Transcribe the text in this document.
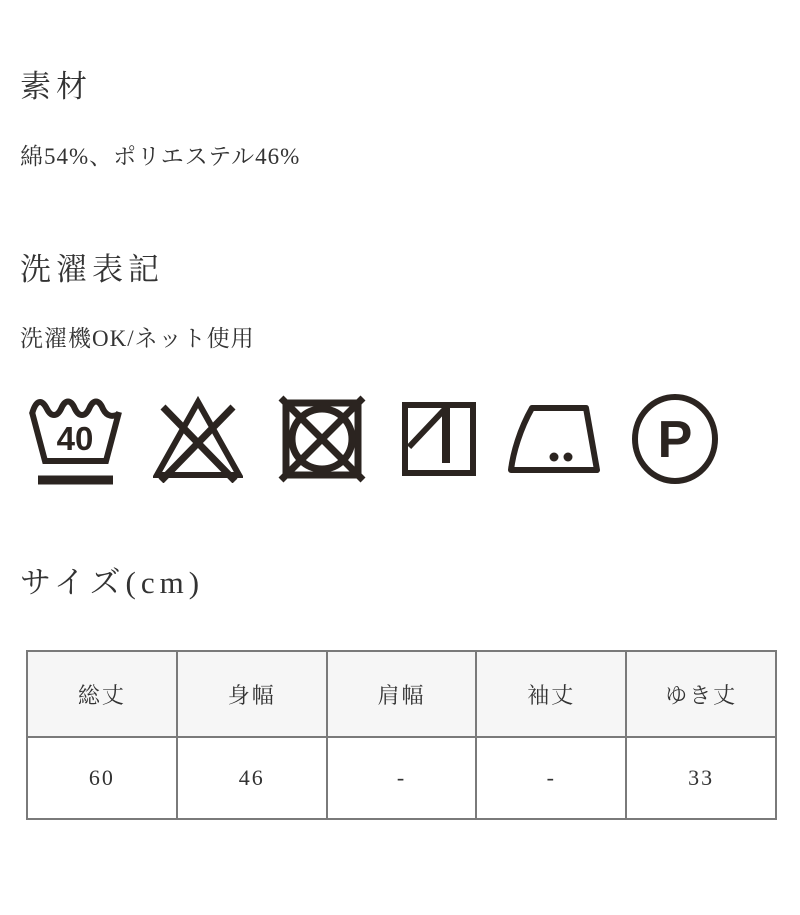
素材

綿54%、ポリエステル46%

洗濯表記

洗濯機OK/ネット使用

40	P
サイズ(cm)
総丈	身幅	肩幅	袖丈	ゆき丈
60	46	-	-	33
